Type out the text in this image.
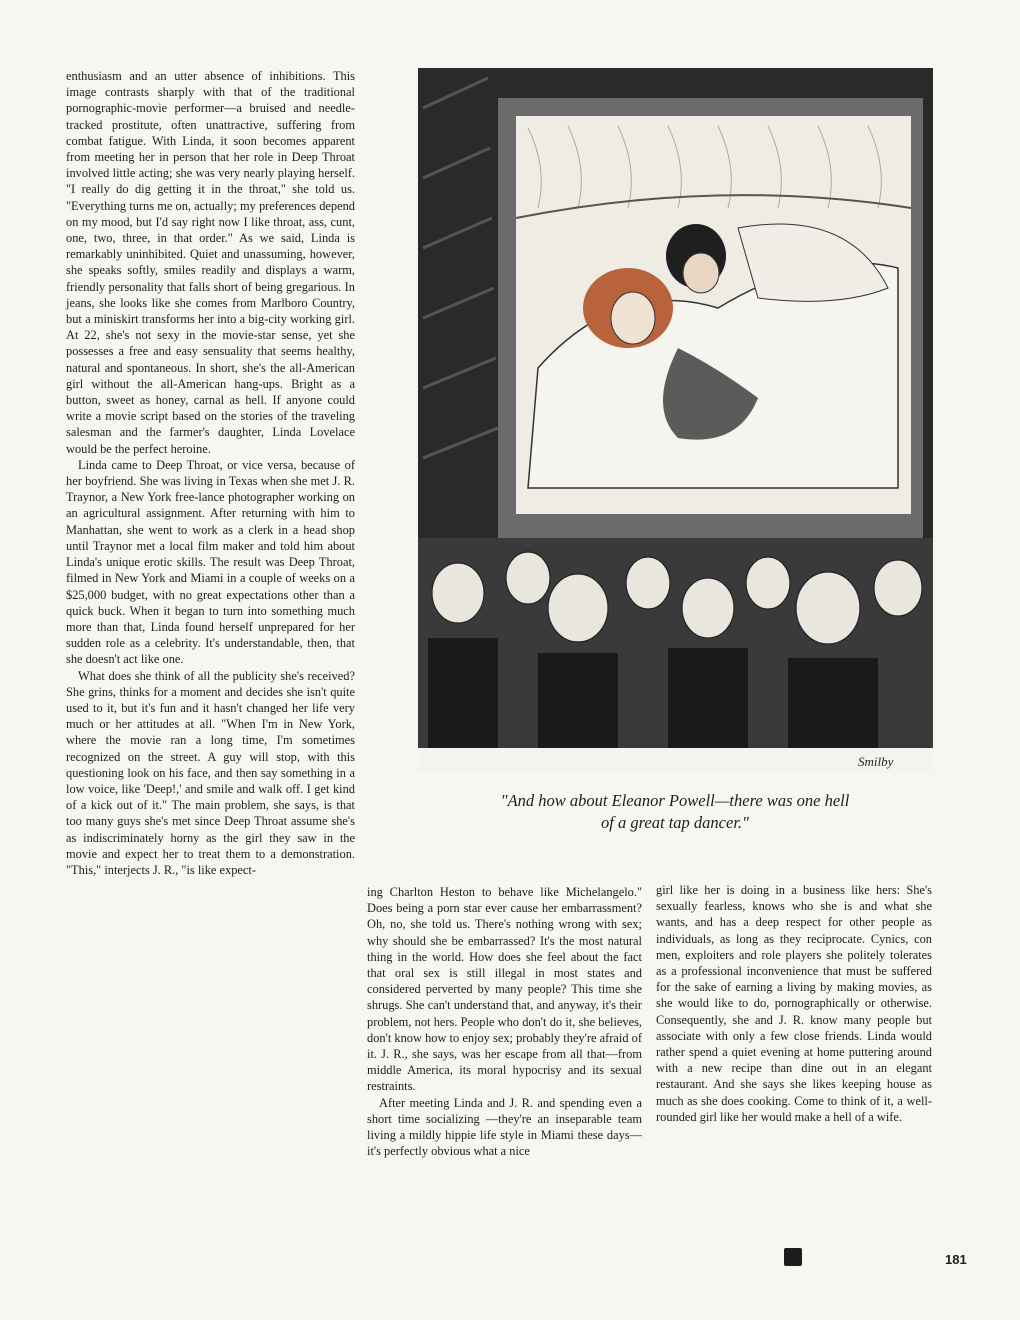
enthusiasm and an utter absence of inhibitions. This image contrasts sharply with that of the traditional pornographic-movie performer—a bruised and needle-tracked prostitute, often unattractive, suffering from combat fatigue. With Linda, it soon becomes apparent from meeting her in person that her role in Deep Throat involved little acting; she was very nearly playing herself. "I really do dig getting it in the throat," she told us. "Everything turns me on, actually; my preferences depend on my mood, but I'd say right now I like throat, ass, cunt, one, two, three, in that order." As we said, Linda is remarkably uninhibited. Quiet and unassuming, however, she speaks softly, smiles readily and displays a warm, friendly personality that falls short of being gregarious. In jeans, she looks like she comes from Marlboro Country, but a miniskirt transforms her into a big-city working girl. At 22, she's not sexy in the movie-star sense, yet she possesses a free and easy sensuality that seems healthy, natural and spontaneous. In short, she's the all-American girl without the all-American hang-ups. Bright as a button, sweet as honey, carnal as hell. If anyone could write a movie script based on the stories of the traveling salesman and the farmer's daughter, Linda Lovelace would be the perfect heroine.

Linda came to Deep Throat, or vice versa, because of her boyfriend. She was living in Texas when she met J. R. Traynor, a New York free-lance photographer working on an agricultural assignment. After returning with him to Manhattan, she went to work as a clerk in a head shop until Traynor met a local film maker and told him about Linda's unique erotic skills. The result was Deep Throat, filmed in New York and Miami in a couple of weeks on a $25,000 budget, with no great expectations other than a quick buck. When it began to turn into something much more than that, Linda found herself unprepared for her sudden role as a celebrity. It's understandable, then, that she doesn't act like one.

What does she think of all the publicity she's received? She grins, thinks for a moment and decides she isn't quite used to it, but it's fun and it hasn't changed her life very much or her attitudes at all. "When I'm in New York, where the movie ran a long time, I'm sometimes recognized on the street. A guy will stop, with this questioning look on his face, and then say something in a low voice, like 'Deep!,' and smile and walk off. I get kind of a kick out of it." The main problem, she says, is that too many guys she's met since Deep Throat assume she's as indiscriminately horny as the girl they saw in the movie and expect her to treat them to a demonstration. "This," interjects J. R., "is like expect-

Smilby
"And how about Eleanor Powell—there was one hell
of a great tap dancer."

ing Charlton Heston to behave like Michelangelo." Does being a porn star ever cause her embarrassment? Oh, no, she told us. There's nothing wrong with sex; why should she be embarrassed? It's the most natural thing in the world. How does she feel about the fact that oral sex is still illegal in most states and considered perverted by many people? This time she shrugs. She can't understand that, and anyway, it's their problem, not hers. People who don't do it, she believes, don't know how to enjoy sex; probably they're afraid of it. J. R., she says, was her escape from all that—from middle America, its moral hypocrisy and its sexual restraints.

After meeting Linda and J. R. and spending even a short time socializing —they're an inseparable team living a mildly hippie life style in Miami these days—it's perfectly obvious what a nice

girl like her is doing in a business like hers: She's sexually fearless, knows who she is and what she wants, and has a deep respect for other people as individuals, as long as they reciprocate. Cynics, con men, exploiters and role players she politely tolerates as a professional inconvenience that must be suffered for the sake of earning a living by making movies, as she would like to do, pornographically or otherwise. Consequently, she and J. R. know many people but associate with only a few close friends. Linda would rather spend a quiet evening at home puttering around with a new recipe than dine out in an elegant restaurant. And she says she likes keeping house as much as she does cooking. Come to think of it, a well-rounded girl like her would make a hell of a wife.

181
